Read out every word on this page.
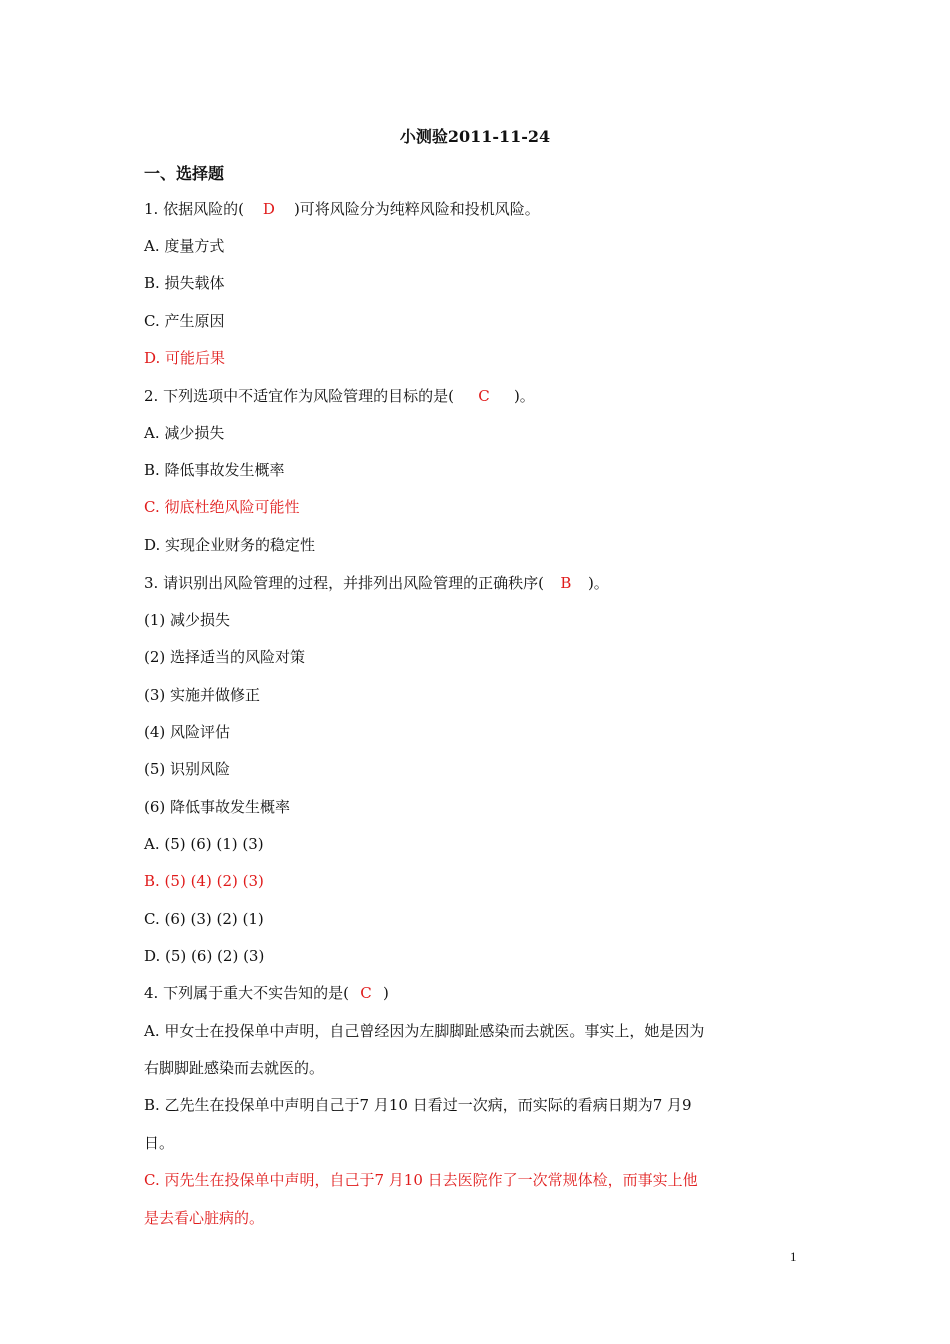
小测验2011-11-24
一、选择题
1. 依据风险的( D )可将风险分为纯粹风险和投机风险。
A. 度量方式
B. 损失载体
C. 产生原因
D. 可能后果
2. 下列选项中不适宜作为风险管理的目标的是( C )。
A. 减少损失
B. 降低事故发生概率
C. 彻底杜绝风险可能性
D. 实现企业财务的稳定性
3. 请识别出风险管理的过程，并排列出风险管理的正确秩序( B )。
(1) 减少损失
(2) 选择适当的风险对策
(3) 实施并做修正
(4) 风险评估
(5) 识别风险
(6) 降低事故发生概率
A. (5) (6) (1) (3)
B. (5) (4) (2) (3)
C. (6) (3) (2) (1)
D. (5) (6) (2) (3)
4. 下列属于重大不实告知的是( C )
A. 甲女士在投保单中声明，自己曾经因为左脚脚趾感染而去就医。事实上，她是因为
右脚脚趾感染而去就医的。
B. 乙先生在投保单中声明自己于7 月10 日看过一次病，而实际的看病日期为7 月9
日。
C. 丙先生在投保单中声明，自己于7 月10 日去医院作了一次常规体检，而事实上他
是去看心脏病的。
1
